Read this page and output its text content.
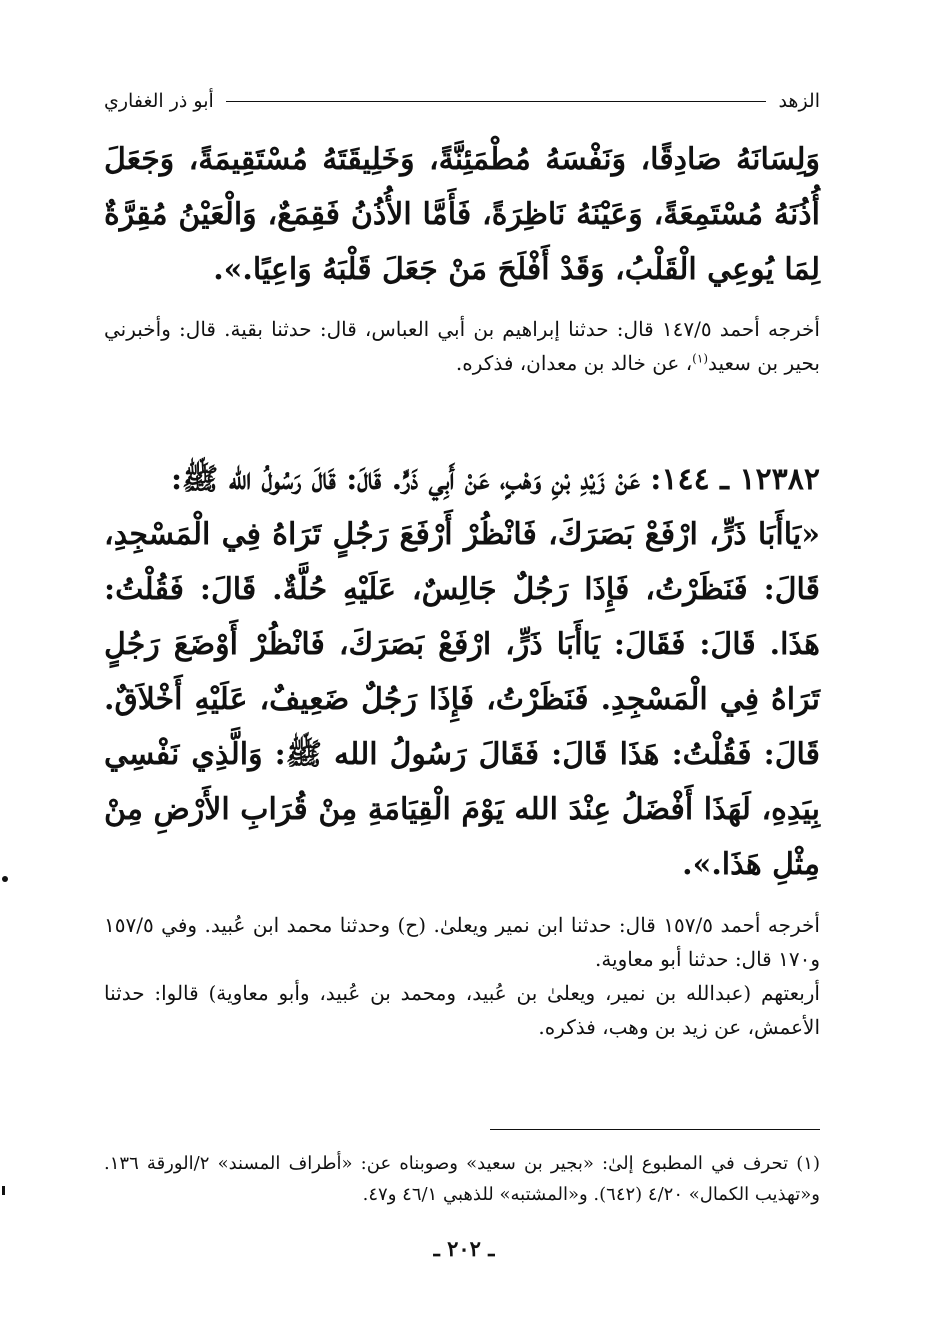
الزهد
أبو ذر الغفاري
وَلِسَانَهُ صَادِقًا، وَنَفْسَهُ مُطْمَئِنَّةً، وَخَلِيقَتَهُ مُسْتَقِيمَةً، وَجَعَلَ أُذُنَهُ مُسْتَمِعَةً، وَعَيْنَهُ نَاظِرَةً، فَأَمَّا الأُذُنُ فَقِمَعٌ، وَالْعَيْنُ مُقِرَّةٌ لِمَا يُوعِي الْقَلْبُ، وَقَدْ أَفْلَحَ مَنْ جَعَلَ قَلْبَهُ وَاعِيًا.».
أخرجه أحمد ١٤٧/٥ قال: حدثنا إبراهيم بن أبي العباس، قال: حدثنا بقية. قال: وأخبرني بحير بن سعيد$^{(١)}$، عن خالد بن معدان، فذكره.
١٢٣٨٢ ـ ١٤٤: عَنْ زَيْدِ بْنِ وَهْبٍ، عَنْ أَبِي ذَرٍّ. قَالَ: قَالَ رَسُولُ الله ﷺ:
«يَاأَبَا ذَرٍّ، ارْفَعْ بَصَرَكَ، فَانْظُرْ أَرْفَعَ رَجُلٍ تَرَاهُ فِي الْمَسْجِدِ، قَالَ: فَنَظَرْتُ، فَإِذَا رَجُلٌ جَالِسٌ، عَلَيْهِ حُلَّةٌ. قَالَ: فَقُلْتُ: هَذَا. قَالَ: فَقَالَ: يَاأَبَا ذَرٍّ، ارْفَعْ بَصَرَكَ، فَانْظُرْ أَوْضَعَ رَجُلٍ تَرَاهُ فِي الْمَسْجِدِ. فَنَظَرْتُ، فَإِذَا رَجُلٌ ضَعِيفٌ، عَلَيْهِ أَخْلاَقٌ. قَالَ: فَقُلْتُ: هَذَا قَالَ: فَقَالَ رَسُولُ الله ﷺ: وَالَّذِي نَفْسِي بِيَدِهِ، لَهَذَا أَفْضَلُ عِنْدَ الله يَوْمَ الْقِيَامَةِ مِنْ قُرَابِ الأَرْضِ مِنْ مِثْلِ هَذَا.».
أخرجه أحمد ١٥٧/٥ قال: حدثنا ابن نمير ويعلىٰ. (ح) وحدثنا محمد ابن عُبيد. وفي ١٥٧/٥ و١٧٠ قال: حدثنا أبو معاوية.
أربعتهم (عبدالله بن نمير، ويعلىٰ بن عُبيد، ومحمد بن عُبيد، وأبو معاوية) قالوا: حدثنا الأعمش، عن زيد بن وهب، فذكره.
(١) تحرف في المطبوع إلىٰ: «بجير بن سعيد» وصوبناه عن: «أطراف المسند» ٢/الورقة ١٣٦. و«تهذيب الكمال» ٤/٢٠ (٦٤٢). و«المشتبه» للذهبي ٤٦/١ و٤٧.
ـ ٢٠٢ ـ
